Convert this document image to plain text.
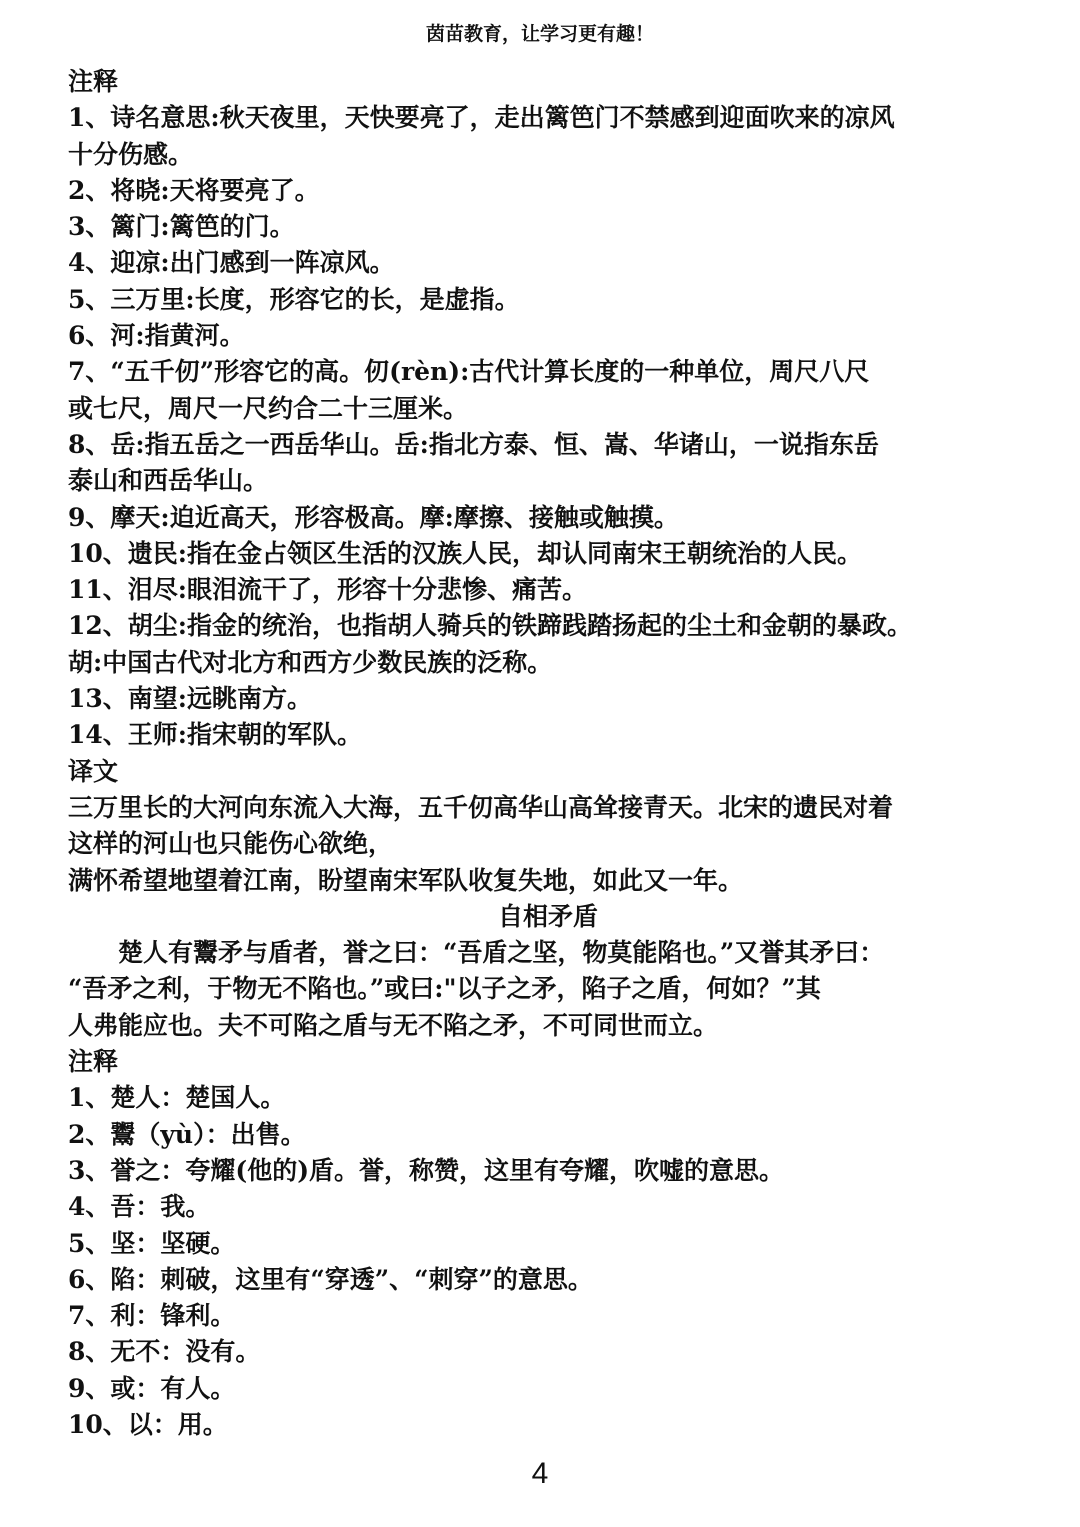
茵苗教育，让学习更有趣！
注释
1、诗名意思:秋天夜里，天快要亮了，走出篱笆门不禁感到迎面吹来的凉风
十分伤感。
2、将晓:天将要亮了。
3、篱门:篱笆的门。
4、迎凉:出门感到一阵凉风。
5、三万里:长度，形容它的长，是虚指。
6、河:指黄河。
7、“五千仞”形容它的高。仞(rèn):古代计算长度的一种单位，周尺八尺
或七尺，周尺一尺约合二十三厘米。
8、岳:指五岳之一西岳华山。岳:指北方泰、恒、嵩、华诸山，一说指东岳
泰山和西岳华山。
9、摩天:迫近高天，形容极高。摩:摩擦、接触或触摸。
10、遗民:指在金占领区生活的汉族人民，却认同南宋王朝统治的人民。
11、泪尽:眼泪流干了，形容十分悲惨、痛苦。
12、胡尘:指金的统治，也指胡人骑兵的铁蹄践踏扬起的尘土和金朝的暴政。
胡:中国古代对北方和西方少数民族的泛称。
13、南望:远眺南方。
14、王师:指宋朝的军队。
译文
三万里长的大河向东流入大海，五千仞高华山高耸接青天。北宋的遗民对着
这样的河山也只能伤心欲绝，
满怀希望地望着江南，盼望南宋军队收复失地，如此又一年。
自相矛盾
　　楚人有鬻矛与盾者，誉之曰：“吾盾之坚，物莫能陷也。”又誉其矛曰：
“吾矛之利，于物无不陷也。”或曰:"以子之矛，陷子之盾，何如？”其
人弗能应也。夫不可陷之盾与无不陷之矛，不可同世而立。
注释
1、楚人：楚国人。
2、鬻（yù）：出售。
3、誉之：夸耀(他的)盾。誉，称赞，这里有夸耀，吹嘘的意思。
4、吾：我。
5、坚：坚硬。
6、陷：刺破，这里有“穿透”、“刺穿”的意思。
7、利：锋利。
8、无不：没有。
9、或：有人。
10、以：用。
4
